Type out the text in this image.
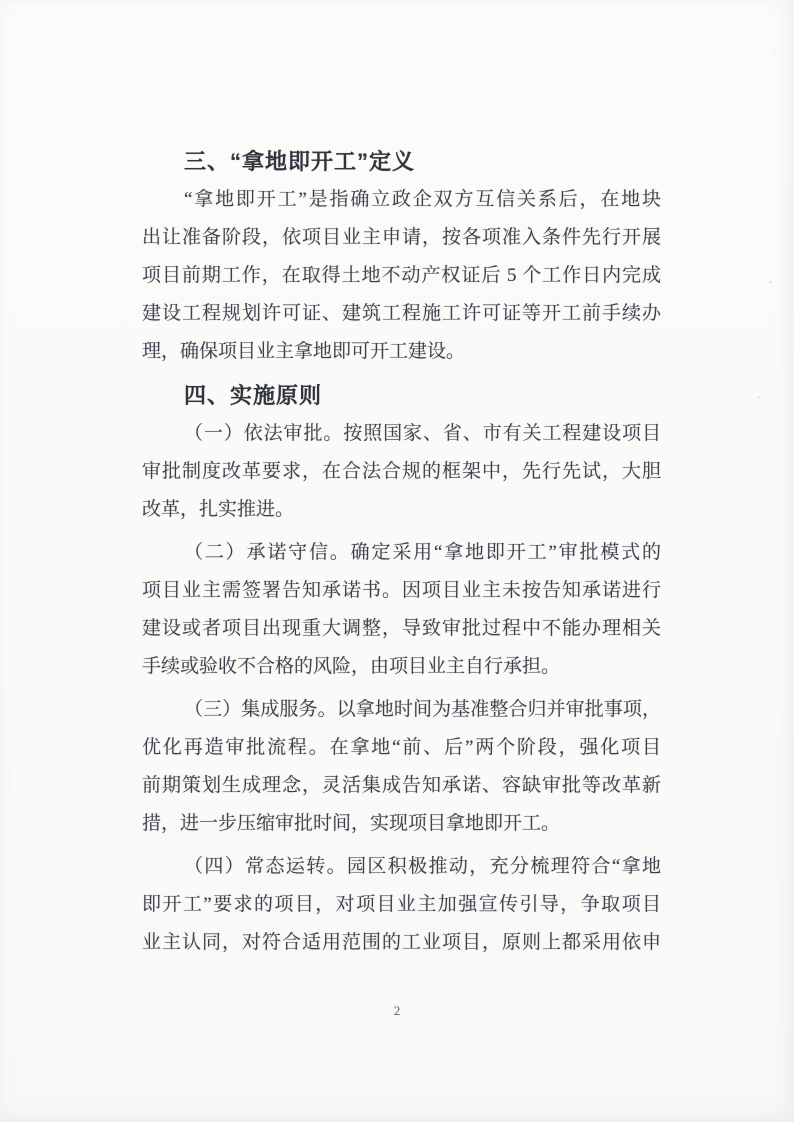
三、“拿地即开工”定义
“拿地即开工”是指确立政企双方互信关系后，在地块
出让准备阶段，依项目业主申请，按各项准入条件先行开展
项目前期工作，在取得土地不动产权证后 5 个工作日内完成
建设工程规划许可证、建筑工程施工许可证等开工前手续办
理，确保项目业主拿地即可开工建设。
四、实施原则
（一）依法审批。按照国家、省、市有关工程建设项目
审批制度改革要求，在合法合规的框架中，先行先试，大胆
改革，扎实推进。
（二）承诺守信。确定采用“拿地即开工”审批模式的
项目业主需签署告知承诺书。因项目业主未按告知承诺进行
建设或者项目出现重大调整，导致审批过程中不能办理相关
手续或验收不合格的风险，由项目业主自行承担。
（三）集成服务。以拿地时间为基准整合归并审批事项，
优化再造审批流程。在拿地“前、后”两个阶段，强化项目
前期策划生成理念，灵活集成告知承诺、容缺审批等改革新
措，进一步压缩审批时间，实现项目拿地即开工。
（四）常态运转。园区积极推动，充分梳理符合“拿地
即开工”要求的项目，对项目业主加强宣传引导，争取项目
业主认同，对符合适用范围的工业项目，原则上都采用依申
2
